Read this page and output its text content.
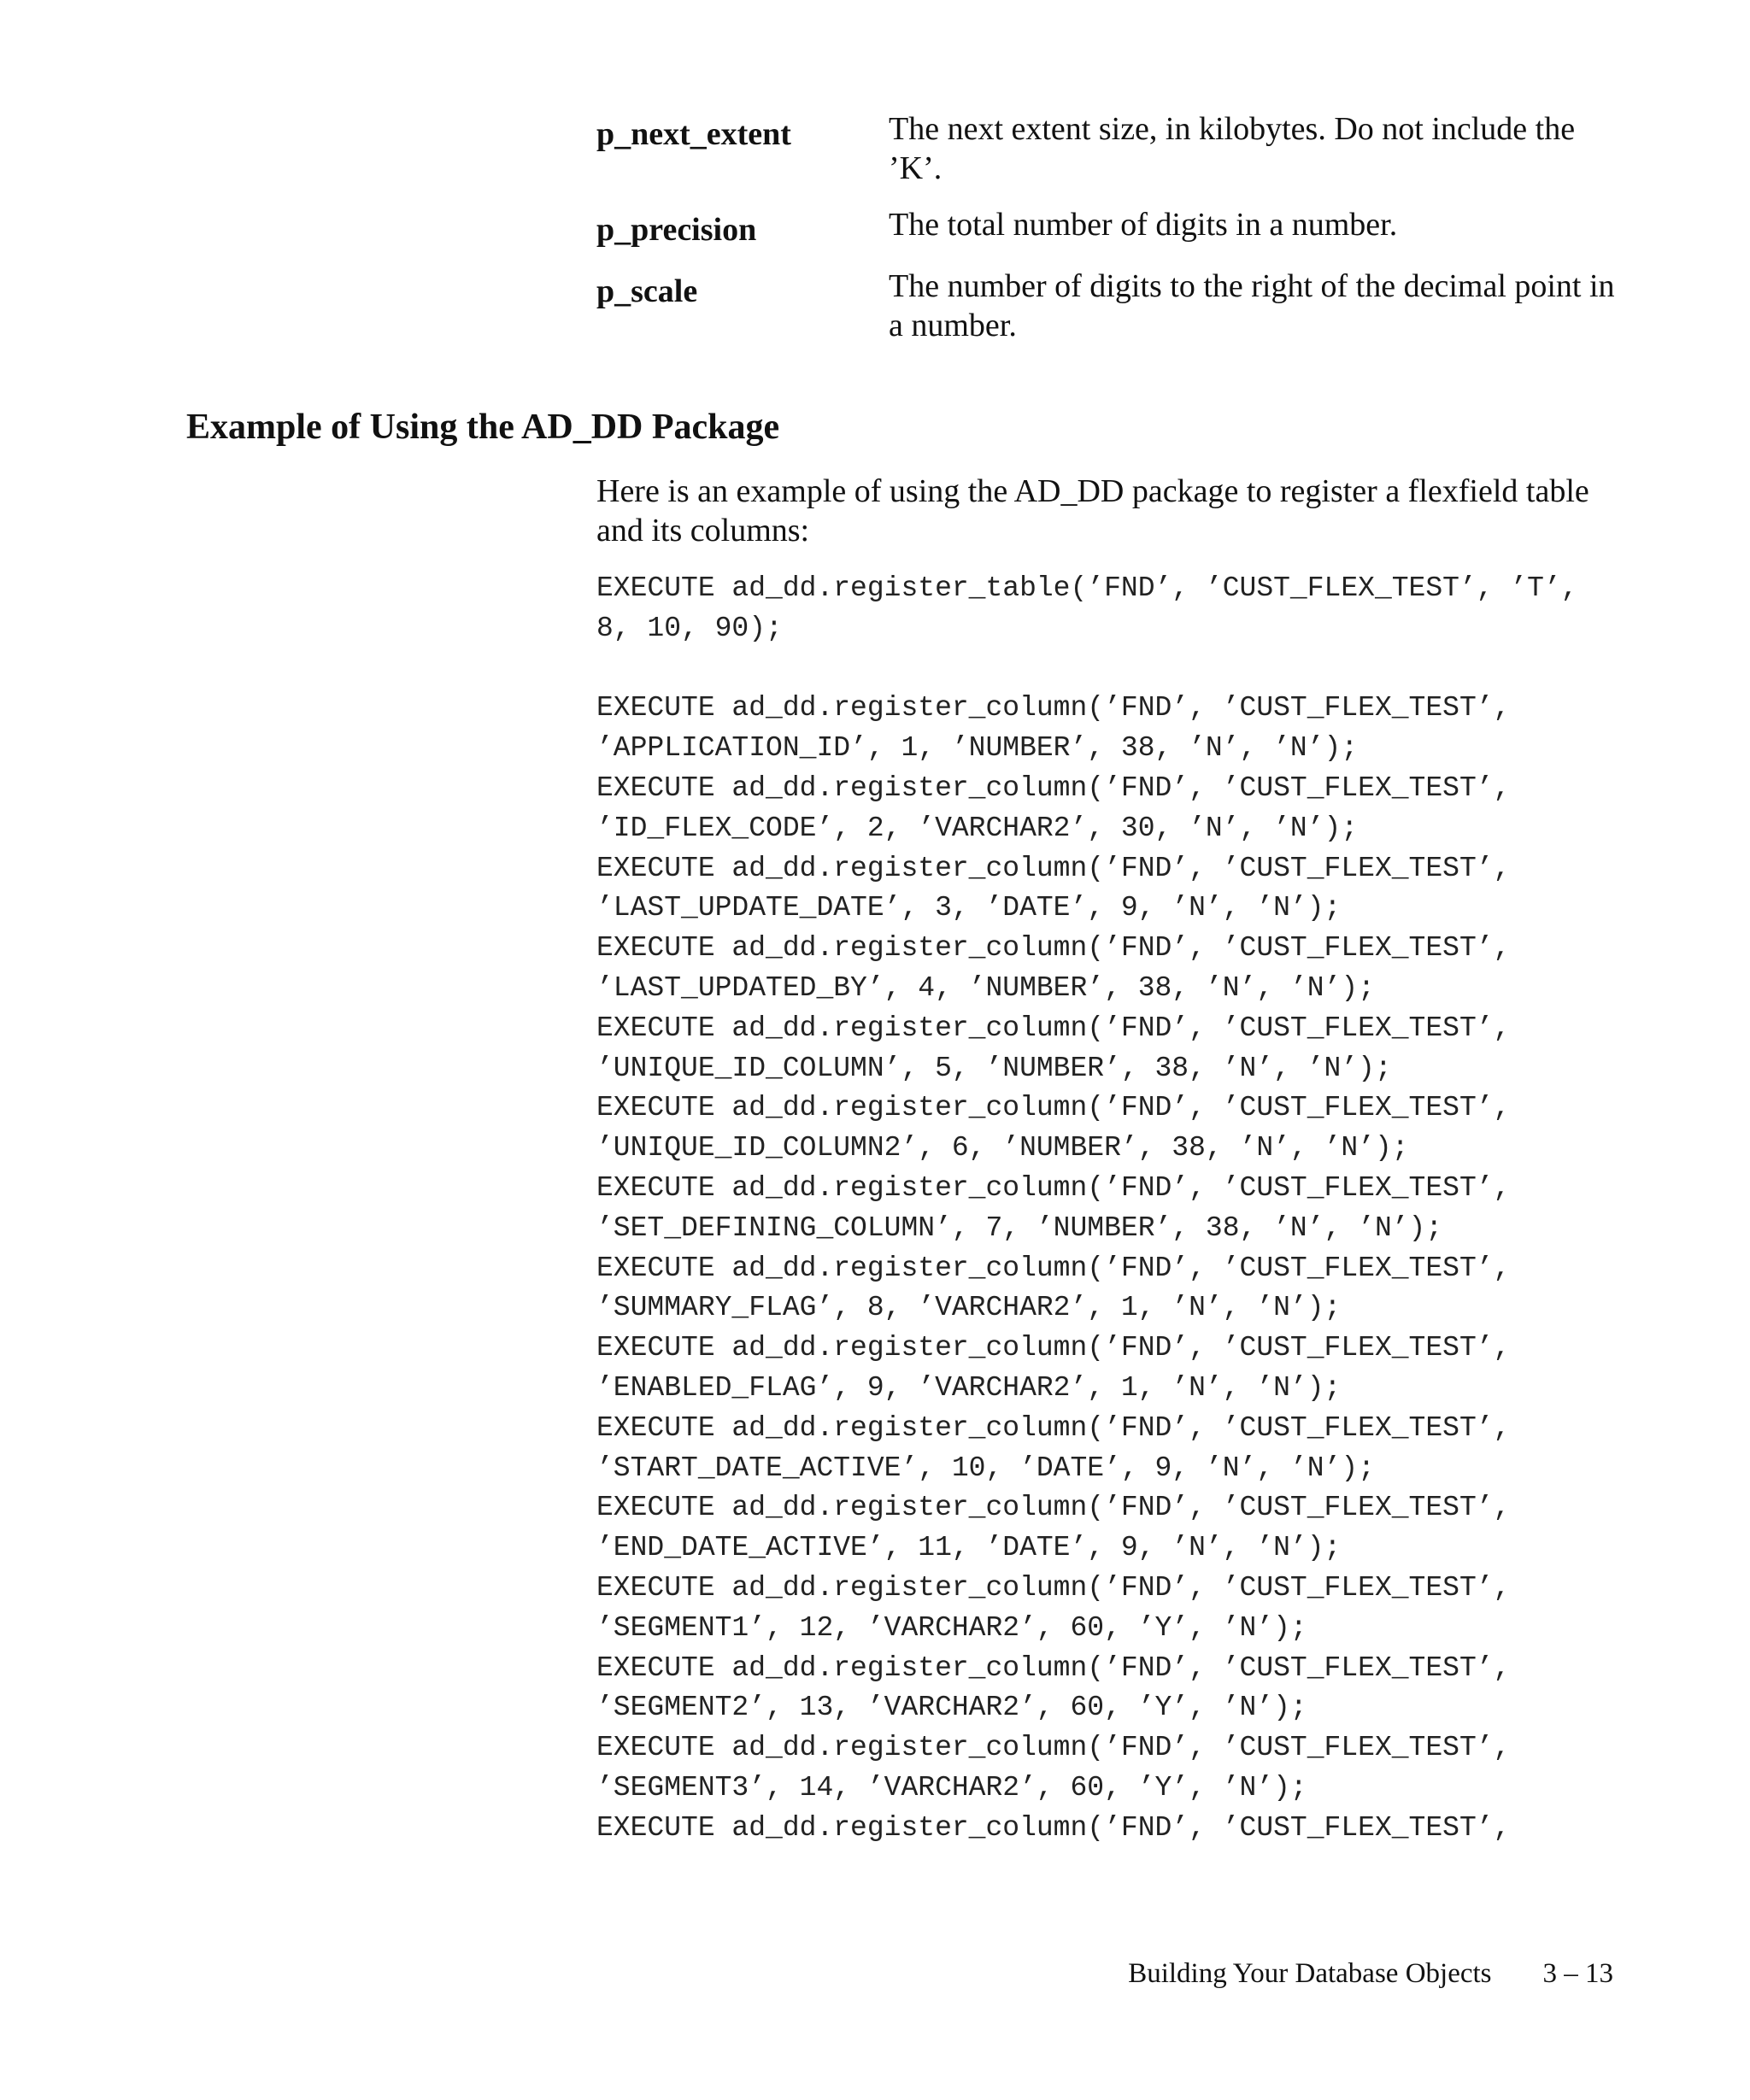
p_next_extent	The next extent size, in kilobytes. Do not include the ’K’.
p_precision	The total number of digits in a number.
p_scale	The number of digits to the right of the decimal point in a number.
Example of Using the AD_DD Package

Here is an example of using the AD_DD package to register a flexfield table and its columns:

EXECUTE ad_dd.register_table(’FND’, ’CUST_FLEX_TEST’, ’T’,
8, 10, 90);
EXECUTE ad_dd.register_column(’FND’, ’CUST_FLEX_TEST’,
’APPLICATION_ID’, 1, ’NUMBER’, 38, ’N’, ’N’);
EXECUTE ad_dd.register_column(’FND’, ’CUST_FLEX_TEST’,
’ID_FLEX_CODE’, 2, ’VARCHAR2’, 30, ’N’, ’N’);
EXECUTE ad_dd.register_column(’FND’, ’CUST_FLEX_TEST’,
’LAST_UPDATE_DATE’, 3, ’DATE’, 9, ’N’, ’N’);
EXECUTE ad_dd.register_column(’FND’, ’CUST_FLEX_TEST’,
’LAST_UPDATED_BY’, 4, ’NUMBER’, 38, ’N’, ’N’);
EXECUTE ad_dd.register_column(’FND’, ’CUST_FLEX_TEST’,
’UNIQUE_ID_COLUMN’, 5, ’NUMBER’, 38, ’N’, ’N’);
EXECUTE ad_dd.register_column(’FND’, ’CUST_FLEX_TEST’,
’UNIQUE_ID_COLUMN2’, 6, ’NUMBER’, 38, ’N’, ’N’);
EXECUTE ad_dd.register_column(’FND’, ’CUST_FLEX_TEST’,
’SET_DEFINING_COLUMN’, 7, ’NUMBER’, 38, ’N’, ’N’);
EXECUTE ad_dd.register_column(’FND’, ’CUST_FLEX_TEST’,
’SUMMARY_FLAG’, 8, ’VARCHAR2’, 1, ’N’, ’N’);
EXECUTE ad_dd.register_column(’FND’, ’CUST_FLEX_TEST’,
’ENABLED_FLAG’, 9, ’VARCHAR2’, 1, ’N’, ’N’);
EXECUTE ad_dd.register_column(’FND’, ’CUST_FLEX_TEST’,
’START_DATE_ACTIVE’, 10, ’DATE’, 9, ’N’, ’N’);
EXECUTE ad_dd.register_column(’FND’, ’CUST_FLEX_TEST’,
’END_DATE_ACTIVE’, 11, ’DATE’, 9, ’N’, ’N’);
EXECUTE ad_dd.register_column(’FND’, ’CUST_FLEX_TEST’,
’SEGMENT1’, 12, ’VARCHAR2’, 60, ’Y’, ’N’);
EXECUTE ad_dd.register_column(’FND’, ’CUST_FLEX_TEST’,
’SEGMENT2’, 13, ’VARCHAR2’, 60, ’Y’, ’N’);
EXECUTE ad_dd.register_column(’FND’, ’CUST_FLEX_TEST’,
’SEGMENT3’, 14, ’VARCHAR2’, 60, ’Y’, ’N’);
EXECUTE ad_dd.register_column(’FND’, ’CUST_FLEX_TEST’,
Building Your Database Objects 3 – 13
